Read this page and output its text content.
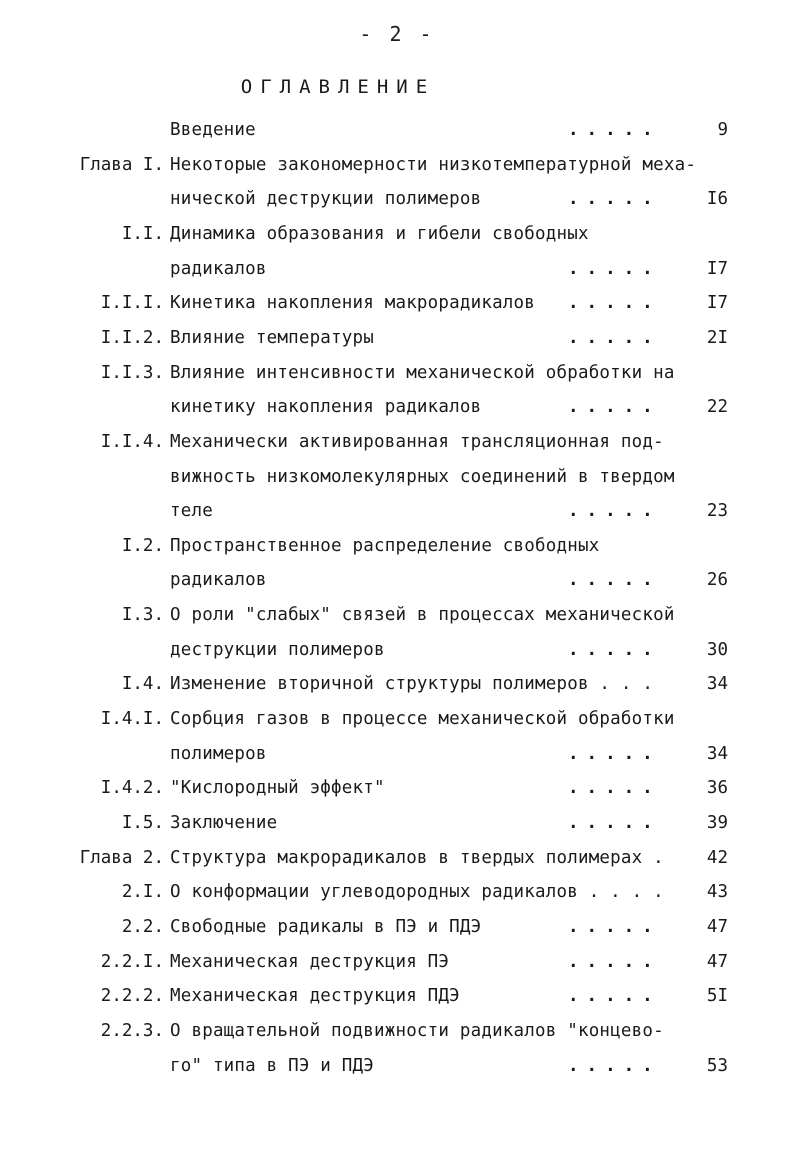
- 2 -
ОГЛАВЛЕНИЕ
Введение	.....	9
Глава I. Некоторые закономерности низкотемпературной меха-
нической деструкции полимеров	.....	I6
I.I. Динамика образования и гибели свободных
радикалов	.....	I7
I.I.I. Кинетика накопления макрорадикалов .....	I7
I.I.2. Влияние температуры	.....	2I
I.I.3. Влияние интенсивности механической обработки на
кинетику накопления радикалов	.....	22
I.I.4. Механически активированная трансляционная под-
вижность низкомолекулярных соединений в твердом
теле	.....	23
I.2. Пространственное распределение свободных
радикалов	.....	26
I.3. О роли "слабых" связей в процессах механической
деструкции полимеров	.....	30
I.4. Изменение вторичной структуры полимеров . . .	34
I.4.I. Сорбция газов в процессе механической обработки
полимеров	.....	34
I.4.2. "Кислородный эффект"	.....	36
I.5. Заключение	.....	39
Глава 2. Структура макрорадикалов в твердых полимерах . 42
2.I. О конформации углеводородных радикалов . . . . 43
2.2. Свободные радикалы в ПЭ и ПДЭ	.....	47
2.2.I. Механическая деструкция ПЭ	.....	47
2.2.2. Механическая деструкция ПДЭ	.....	5I
2.2.3. О вращательной подвижности радикалов "концево-
го" типа в ПЭ и ПДЭ	.....	53
